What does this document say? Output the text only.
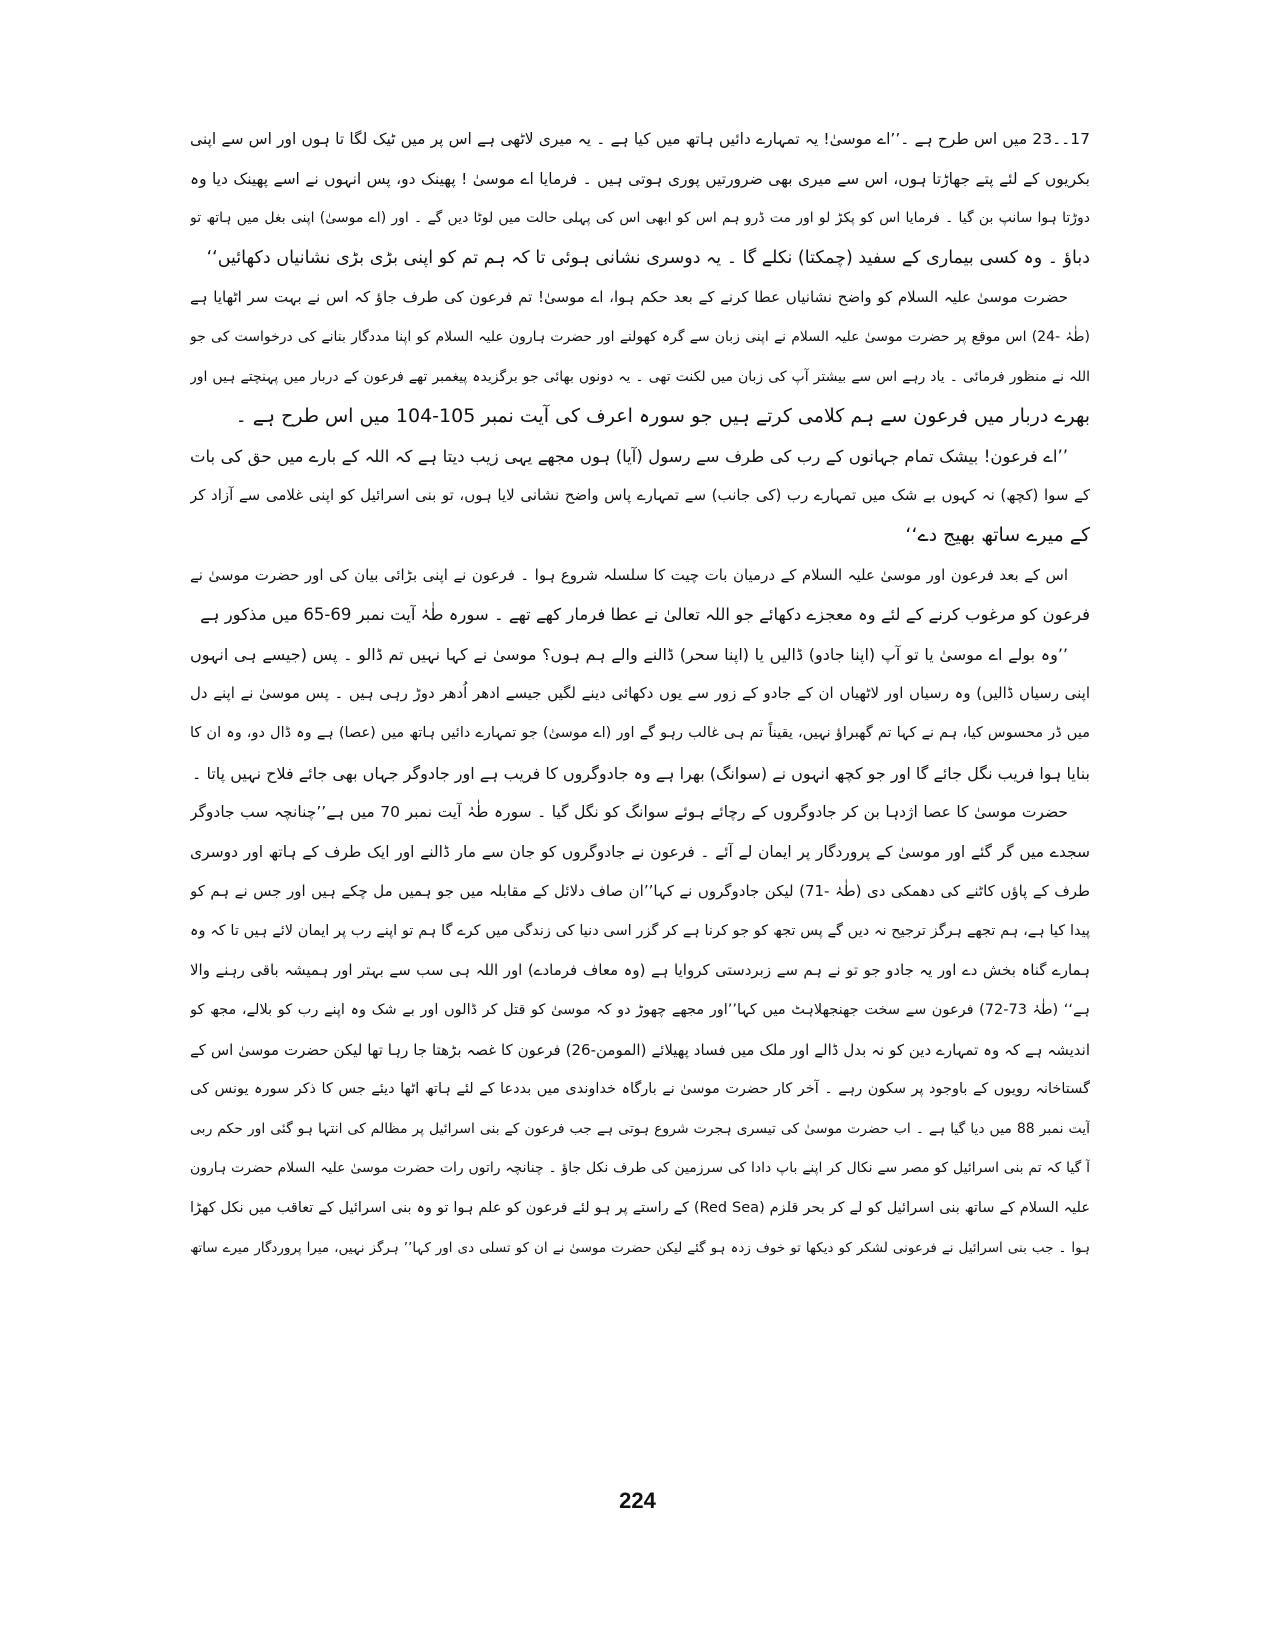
17۔۔23 میں اس طرح ہے ۔’’اے موسیٰ! یہ تمہارے دائیں ہاتھ میں کیا ہے ۔ یہ میری لاٹھی ہے اس پر میں ٹیک لگا تا ہوں اور اس سے اپنی
بکریوں کے لئے پتے جھاڑتا ہوں، اس سے میری بھی ضرورتیں پوری ہوتی ہیں ۔ فرمایا اے موسیٰ ! پھینک دو، پس انہوں نے اسے پھینک دیا وہ
دوڑتا ہوا سانپ بن گیا ۔ فرمایا اس کو پکڑ لو اور مت ڈرو ہم اس کو ابھی اس کی پہلی حالت میں لوٹا دیں گے ۔ اور (اے موسیٰ) اپنی بغل میں ہاتھ تو
دباؤ ۔ وہ کسی بیماری کے سفید (چمکتا) نکلے گا ۔ یہ دوسری نشانی ہوئی تا کہ ہم تم کو اپنی بڑی بڑی نشانیاں دکھائیں‘‘
حضرت موسیٰ علیہ السلام کو واضح نشانیاں عطا کرنے کے بعد حکم ہوا، اے موسیٰ! تم فرعون کی طرف جاؤ کہ اس نے بہت سر اٹھایا ہے
(طٰہٰ -24) اس موقع پر حضرت موسیٰ علیہ السلام نے اپنی زبان سے گرہ کھولنے اور حضرت ہارون علیہ السلام کو اپنا مددگار بنانے کی درخواست کی جو
اللہ نے منظور فرمائی ۔ یاد رہے اس سے بیشتر آپ کی زبان میں لکنت تھی ۔ یہ دونوں بھائی جو برگزیدہ پیغمبر تھے فرعون کے دربار میں پہنچتے ہیں اور
بھرے دربار میں فرعون سے ہم کلامی کرتے ہیں جو سورہ اعرف کی آیت نمبر 105-104 میں اس طرح ہے ۔
’’اے فرعون! بیشک تمام جہانوں کے رب کی طرف سے رسول (آیا) ہوں مجھے یہی زیب دیتا ہے کہ اللہ کے بارے میں حق کی بات
کے سوا (کچھ) نہ کہوں بے شک میں تمہارے رب (کی جانب) سے تمہارے پاس واضح نشانی لایا ہوں، تو بنی اسرائیل کو اپنی غلامی سے آزاد کر
کے میرے ساتھ بھیج دے‘‘
اس کے بعد فرعون اور موسیٰ علیہ السلام کے درمیان بات چیت کا سلسلہ شروع ہوا ۔ فرعون نے اپنی بڑائی بیان کی اور حضرت موسیٰ نے
فرعون کو مرغوب کرنے کے لئے وہ معجزے دکھائے جو اللہ تعالیٰ نے عطا فرمار کھے تھے ۔ سورہ طٰہٰ آیت نمبر 69-65 میں مذکور ہے
’’وہ بولے اے موسیٰ یا تو آپ (اپنا جادو) ڈالیں یا (اپنا سحر) ڈالنے والے ہم ہوں؟ موسیٰ نے کہا نہیں تم ڈالو ۔ پس (جیسے ہی انہوں
اپنی رسیاں ڈالیں) وہ رسیاں اور لاٹھیاں ان کے جادو کے زور سے یوں دکھائی دینے لگیں جیسے ادھر اُدھر دوڑ رہی ہیں ۔ پس موسیٰ نے اپنے دل
میں ڈر محسوس کیا، ہم نے کہا تم گھبراؤ نہیں، یقیناً تم ہی غالب رہو گے اور (اے موسیٰ) جو تمہارے دائیں ہاتھ میں (عصا) ہے وہ ڈال دو، وہ ان کا
بنایا ہوا فریب نگل جائے گا اور جو کچھ انہوں نے (سوانگ) بھرا ہے وہ جادوگروں کا فریب ہے اور جادوگر جہاں بھی جائے فلاح نہیں پاتا ۔
حضرت موسیٰ کا عصا اژدہا بن کر جادوگروں کے رچائے ہوئے سوانگ کو نگل گیا ۔ سورہ طٰہٰ آیت نمبر 70 میں ہے’’چنانچہ سب جادوگر
سجدے میں گر گئے اور موسیٰ کے پروردگار پر ایمان لے آئے ۔ فرعون نے جادوگروں کو جان سے مار ڈالنے اور ایک طرف کے ہاتھ اور دوسری
طرف کے پاؤں کاٹنے کی دھمکی دی (طٰہٰ -71) لیکن جادوگروں نے کہا’’ان صاف دلائل کے مقابلہ میں جو ہمیں مل چکے ہیں اور جس نے ہم کو
پیدا کیا ہے، ہم تجھے ہرگز ترجیح نہ دیں گے پس تجھ کو جو کرنا ہے کر گزر اسی دنیا کی زندگی میں کرے گا ہم تو اپنے رب پر ایمان لائے ہیں تا کہ وہ
ہمارے گناہ بخش دے اور یہ جادو جو تو نے ہم سے زبردستی کروایا ہے (وہ معاف فرمادے) اور اللہ ہی سب سے بہتر اور ہمیشہ باقی رہنے والا
ہے‘‘ (طٰہٰ 73-72) فرعون سے سخت جھنجھلاہٹ میں کہا’’اور مجھے چھوڑ دو کہ موسیٰ کو قتل کر ڈالوں اور بے شک وہ اپنے رب کو بلالے، مجھ کو
اندیشہ ہے کہ وہ تمہارے دین کو نہ بدل ڈالے اور ملک میں فساد پھیلائے (المومن-26) فرعون کا غصہ بڑھتا جا رہا تھا لیکن حضرت موسیٰ اس کے
گستاخانہ رویوں کے باوجود پر سکون رہے ۔ آخر کار حضرت موسیٰ نے بارگاہ خداوندی میں بددعا کے لئے ہاتھ اٹھا دیئے جس کا ذکر سورہ یونس کی
آیت نمبر 88 میں دیا گیا ہے ۔ اب حضرت موسیٰ کی تیسری ہجرت شروع ہوتی ہے جب فرعون کے بنی اسرائیل پر مظالم کی انتہا ہو گئی اور حکم ربی
آ گیا کہ تم بنی اسرائیل کو مصر سے نکال کر اپنے باپ دادا کی سرزمین کی طرف نکل جاؤ ۔ چنانچہ راتوں رات حضرت موسیٰ علیہ السلام حضرت ہارون
علیہ السلام کے ساتھ بنی اسرائیل کو لے کر بحر قلزم (Red Sea) کے راستے پر ہو لئے فرعون کو علم ہوا تو وہ بنی اسرائیل کے تعاقب میں نکل کھڑا
ہوا ۔ جب بنی اسرائیل نے فرعونی لشکر کو دیکھا تو خوف زدہ ہو گئے لیکن حضرت موسیٰ نے ان کو تسلی دی اور کہا’’ ہرگز نہیں، میرا پروردگار میرے ساتھ
224
